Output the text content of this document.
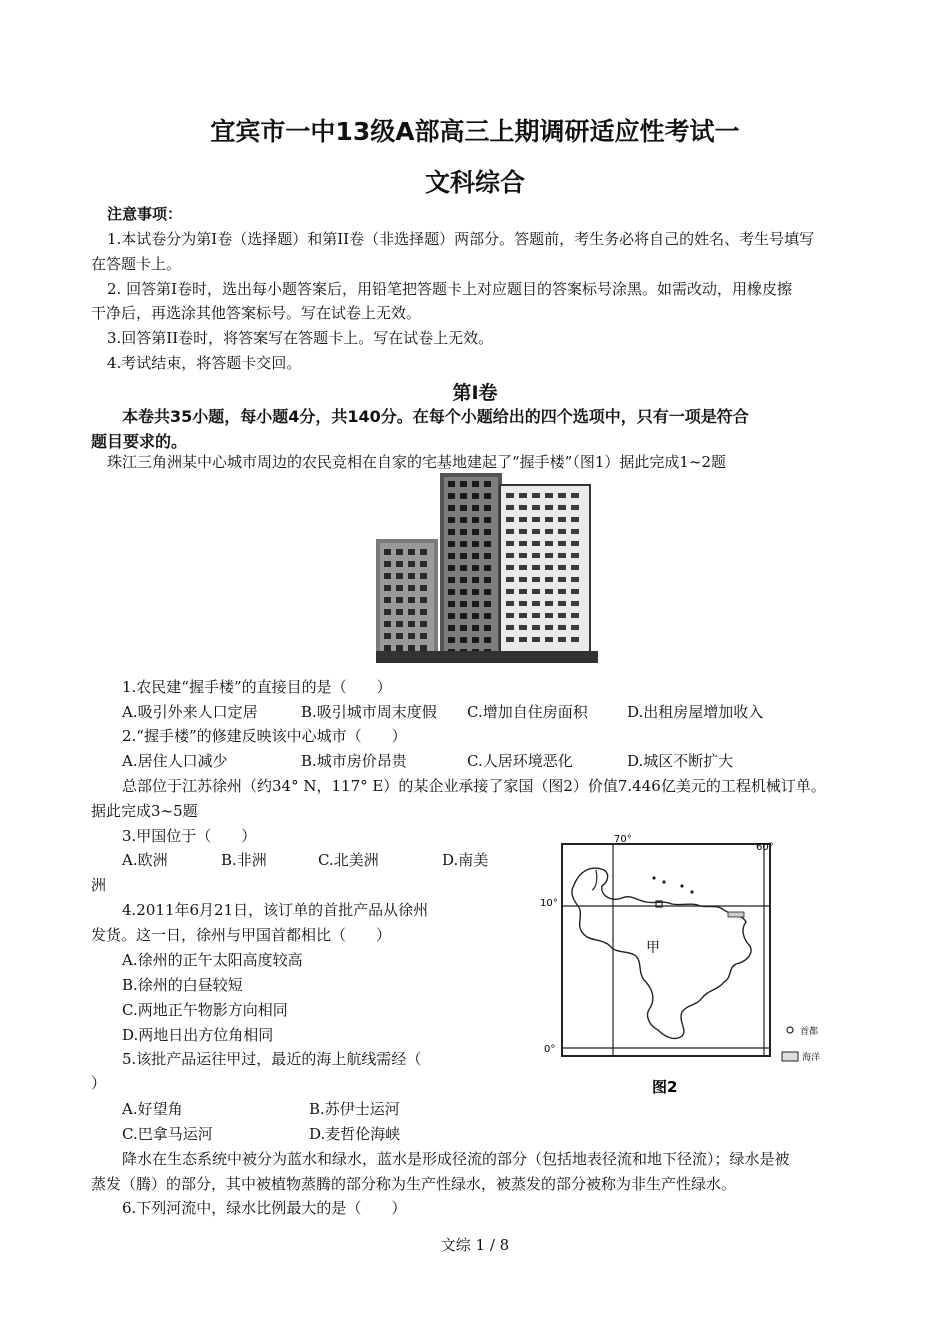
宜宾市一中13级A部高三上期调研适应性考试一
文科综合
注意事项：
1.本试卷分为第I卷（选择题）和第II卷（非选择题）两部分。答题前，考生务必将自己的姓名、考生号填写
在答题卡上。
2. 回答第I卷时，选出每小题答案后，用铅笔把答题卡上对应题目的答案标号涂黑。如需改动，用橡皮擦
干净后，再选涂其他答案标号。写在试卷上无效。
3.回答第II卷时，将答案写在答题卡上。写在试卷上无效。
4.考试结束，将答题卡交回。
第I卷
本卷共35小题，每小题4分，共140分。在每个小题给出的四个选项中，只有一项是符合
题目要求的。
珠江三角洲某中心城市周边的农民竞相在自家的宅基地建起了“握手楼”（图1）据此完成1~2题
1.农民建“握手楼”的直接目的是（　　）
A.吸引外来人口定居	B.吸引城市周末度假 C.增加自住房面积	D.出租房屋增加收入
2.“握手楼”的修建反映该中心城市（　　）
A.居住人口减少	B.城市房价昂贵	C.人居环境恶化	D.城区不断扩大
总部位于江苏徐州（约34° N，117° E）的某企业承接了家国（图2）价值7.446亿美元的工程机械订单。
据此完成3~5题
3.甲国位于（　　）
A.欧洲	B.非洲	C.北美洲	D.南美
洲
4.2011年6月21日，该订单的首批产品从徐州
发货。这一日，徐州与甲国首都相比（　　）
A.徐州的正午太阳高度较高
B.徐州的白昼较短
C.两地正午物影方向相同
D.两地日出方位角相同
5.该批产品运往甲过，最近的海上航线需经（
）
A.好望角	B.苏伊士运河
C.巴拿马运河	D.麦哲伦海峡
降水在生态系统中被分为蓝水和绿水，蓝水是形成径流的部分（包括地表径流和地下径流）；绿水是被
蒸发（腾）的部分，其中被植物蒸腾的部分称为生产性绿水，被蒸发的部分被称为非生产性绿水。
6.下列河流中，绿水比例最大的是（　　）
70°
60°
10°
0°
甲
首都
海洋
图2
文综 1 / 8
